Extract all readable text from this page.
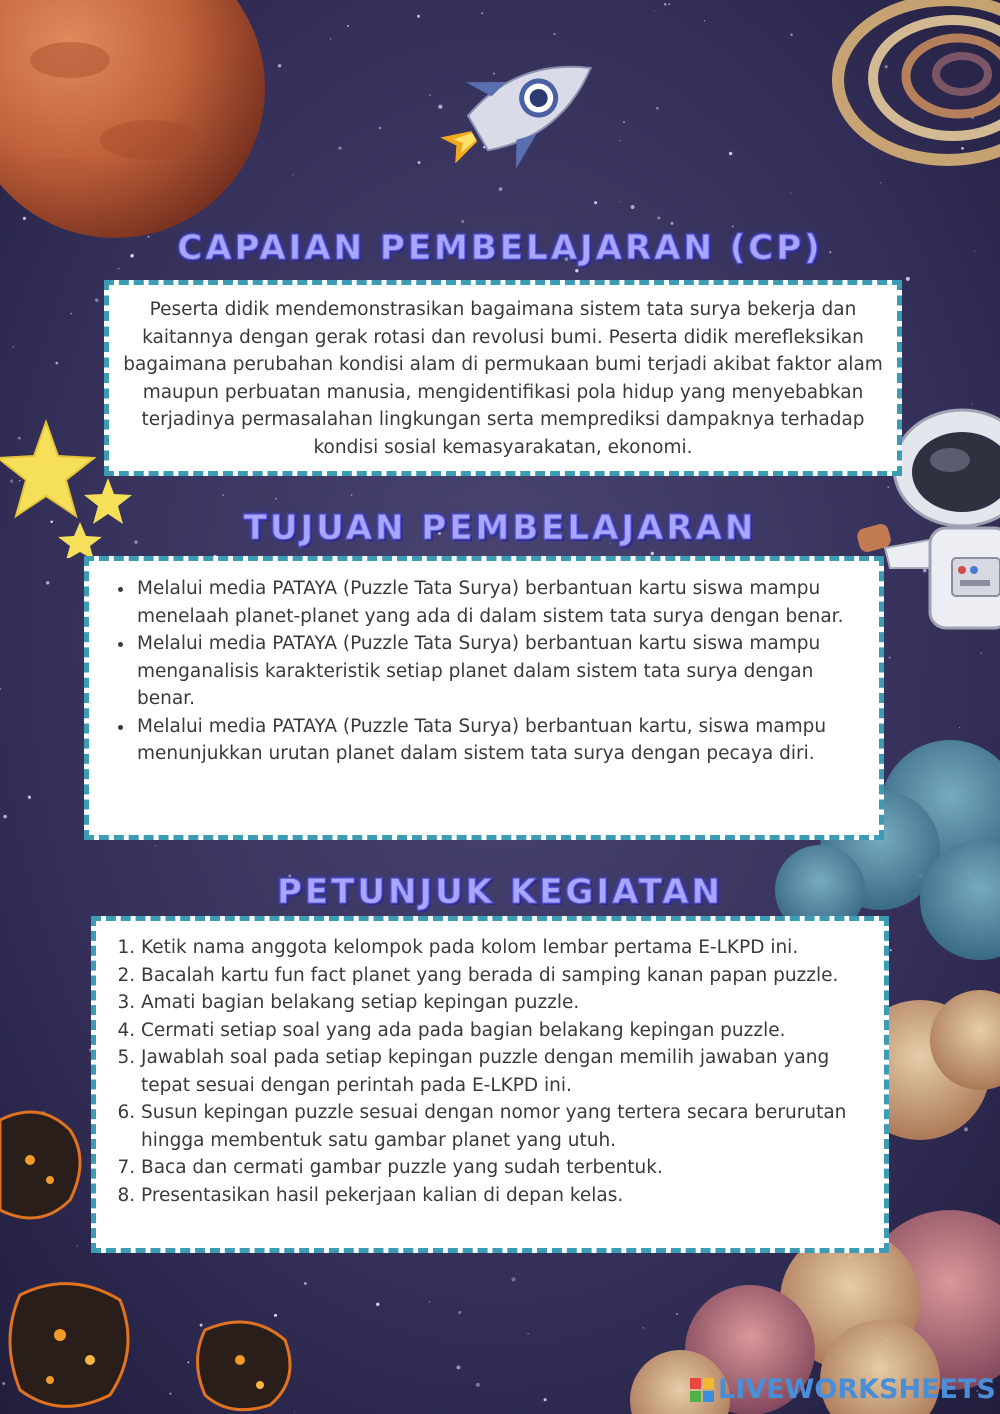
CAPAIAN PEMBELAJARAN (CP)
Peserta didik mendemonstrasikan bagaimana sistem tata surya bekerja dan kaitannya dengan gerak rotasi dan revolusi bumi. Peserta didik merefleksikan bagaimana perubahan kondisi alam di permukaan bumi terjadi akibat faktor alam maupun perbuatan manusia, mengidentifikasi pola hidup yang menyebabkan terjadinya permasalahan lingkungan serta memprediksi dampaknya terhadap kondisi sosial kemasyarakatan, ekonomi.
TUJUAN PEMBELAJARAN
• Melalui media PATAYA (Puzzle Tata Surya) berbantuan kartu siswa mampu menelaah planet-planet yang ada di dalam sistem tata surya dengan benar.
• Melalui media PATAYA (Puzzle Tata Surya) berbantuan kartu siswa mampu menganalisis karakteristik setiap planet dalam sistem tata surya dengan benar.
• Melalui media PATAYA (Puzzle Tata Surya) berbantuan kartu, siswa mampu menunjukkan urutan planet dalam sistem tata surya dengan pecaya diri.
PETUNJUK KEGIATAN
1. Ketik nama anggota kelompok pada kolom lembar pertama E-LKPD ini.
2. Bacalah kartu fun fact planet yang berada di samping kanan papan puzzle.
3. Amati bagian belakang setiap kepingan puzzle.
4. Cermati setiap soal yang ada pada bagian belakang kepingan puzzle.
5. Jawablah soal pada setiap kepingan puzzle dengan memilih jawaban yang tepat sesuai dengan perintah pada E-LKPD ini.
6. Susun kepingan puzzle sesuai dengan nomor yang tertera secara berurutan hingga membentuk satu gambar planet yang utuh.
7. Baca dan cermati gambar puzzle yang sudah terbentuk.
8. Presentasikan hasil pekerjaan kalian di depan kelas.
LIVEWORKSHEETS
